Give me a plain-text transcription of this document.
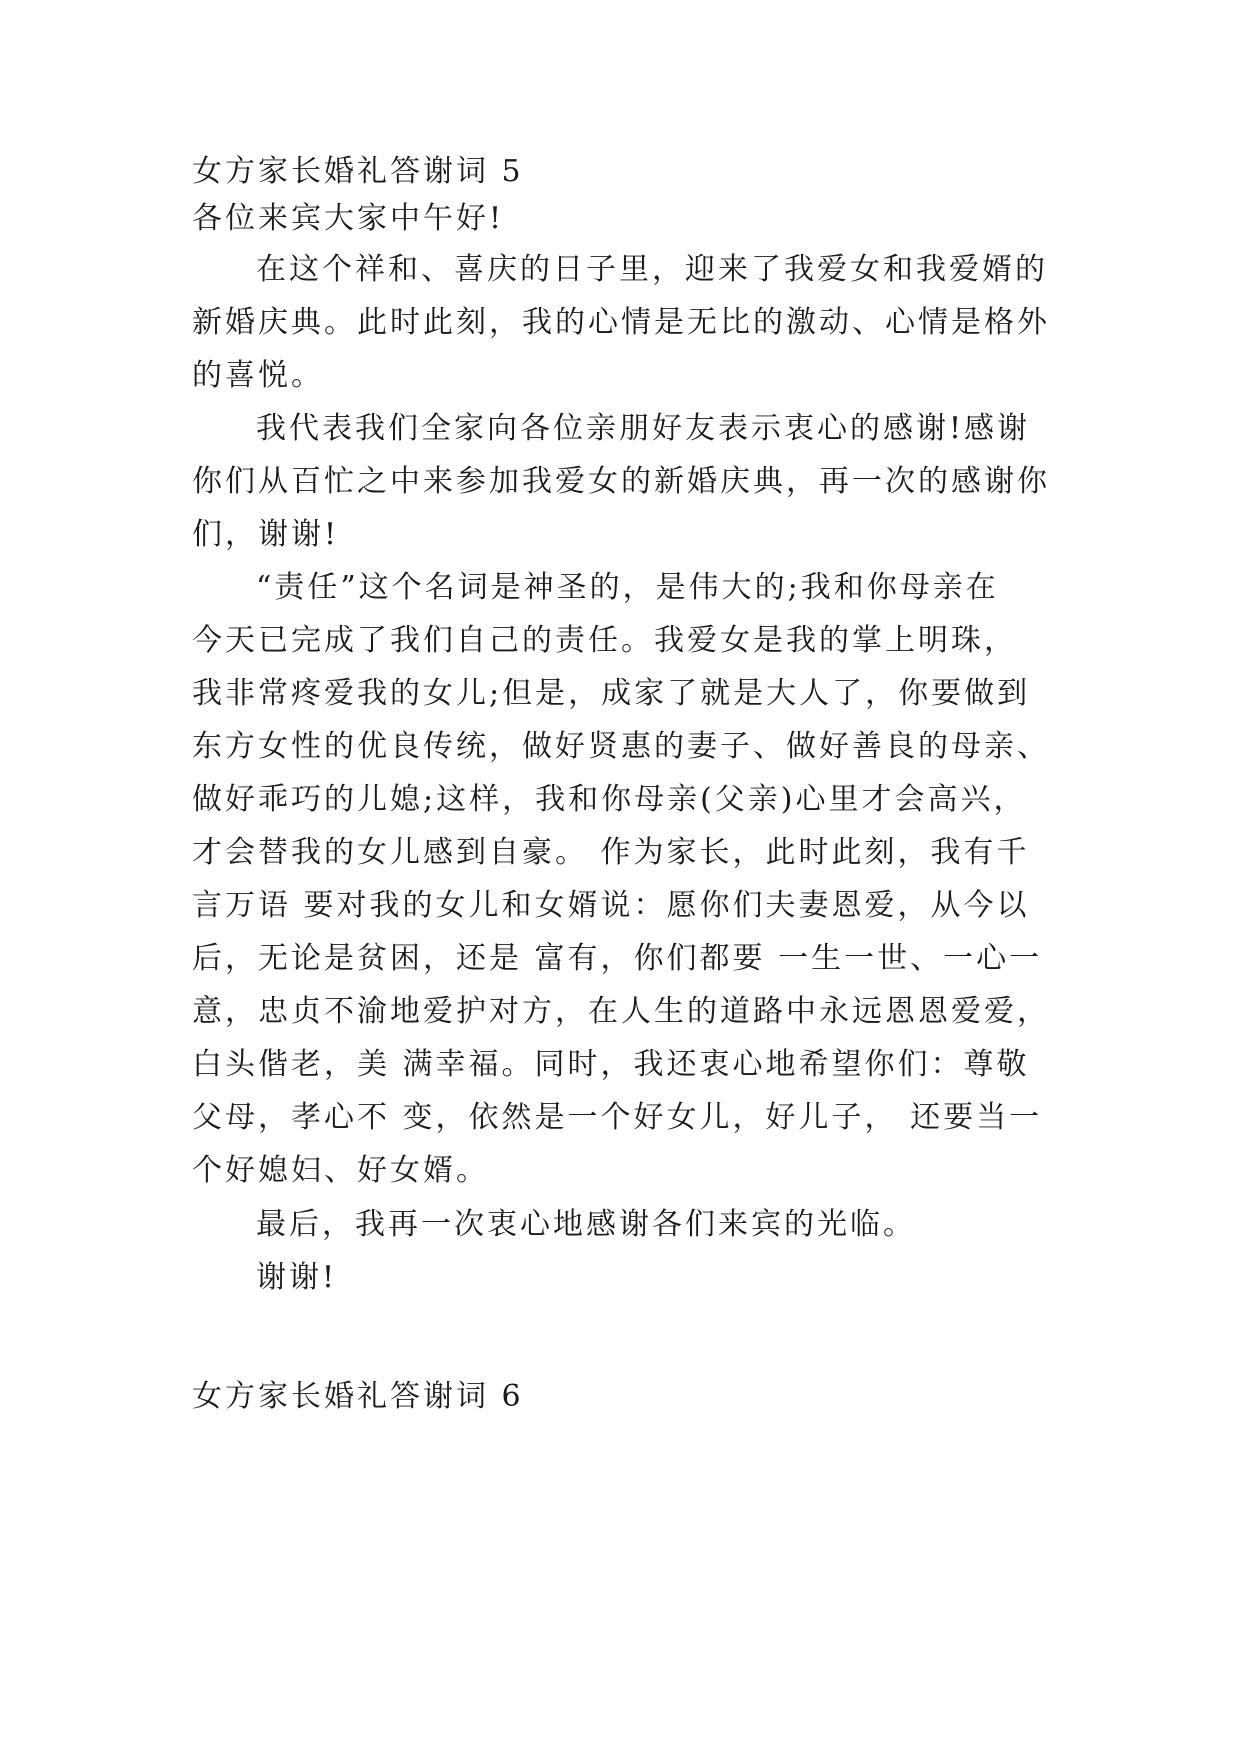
女方家长婚礼答谢词 5
各位来宾大家中午好!
在这个祥和、喜庆的日子里，迎来了我爱女和我爱婿的
新婚庆典。此时此刻，我的心情是无比的激动、心情是格外
的喜悦。
我代表我们全家向各位亲朋好友表示衷心的感谢!感谢
你们从百忙之中来参加我爱女的新婚庆典，再一次的感谢你
们，谢谢!
“责任”这个名词是神圣的，是伟大的;我和你母亲在
今天已完成了我们自己的责任。我爱女是我的掌上明珠，
我非常疼爱我的女儿;但是，成家了就是大人了，你要做到
东方女性的优良传统，做好贤惠的妻子、做好善良的母亲、
做好乖巧的儿媳;这样，我和你母亲(父亲)心里才会高兴，
才会替我的女儿感到自豪。 作为家长，此时此刻，我有千
言万语 要对我的女儿和女婿说：愿你们夫妻恩爱，从今以
后，无论是贫困，还是 富有，你们都要 一生一世、一心一
意，忠贞不渝地爱护对方，在人生的道路中永远恩恩爱爱，
白头偕老，美 满幸福。同时，我还衷心地希望你们：尊敬
父母，孝心不 变，依然是一个好女儿，好儿子， 还要当一
个好媳妇、好女婿。
最后，我再一次衷心地感谢各们来宾的光临。
谢谢!
女方家长婚礼答谢词 6
